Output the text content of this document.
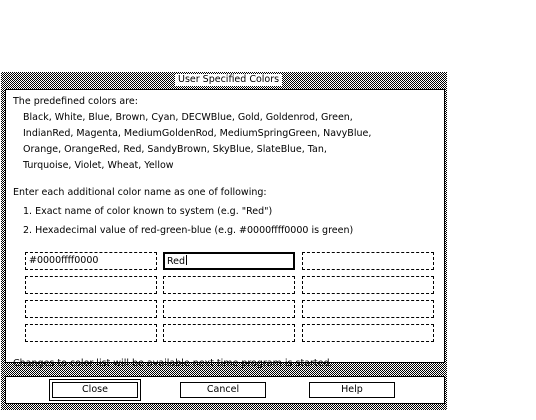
User Specified Colors
The predefined colors are:
Black, White, Blue, Brown, Cyan, DECWBlue, Gold, Goldenrod, Green,
IndianRed, Magenta, MediumGoldenRod, MediumSpringGreen, NavyBlue,
Orange, OrangeRed, Red, SandyBrown, SkyBlue, SlateBlue, Tan,
Turquoise, Violet, Wheat, Yellow
Enter each additional color name as one of following:
1. Exact name of color known to system (e.g. "Red")
2. Hexadecimal value of red-green-blue (e.g. #0000ffff0000 is green)
#0000ffff0000	Red
Changes to color list will be available next time program is started.
Close	Cancel	Help
